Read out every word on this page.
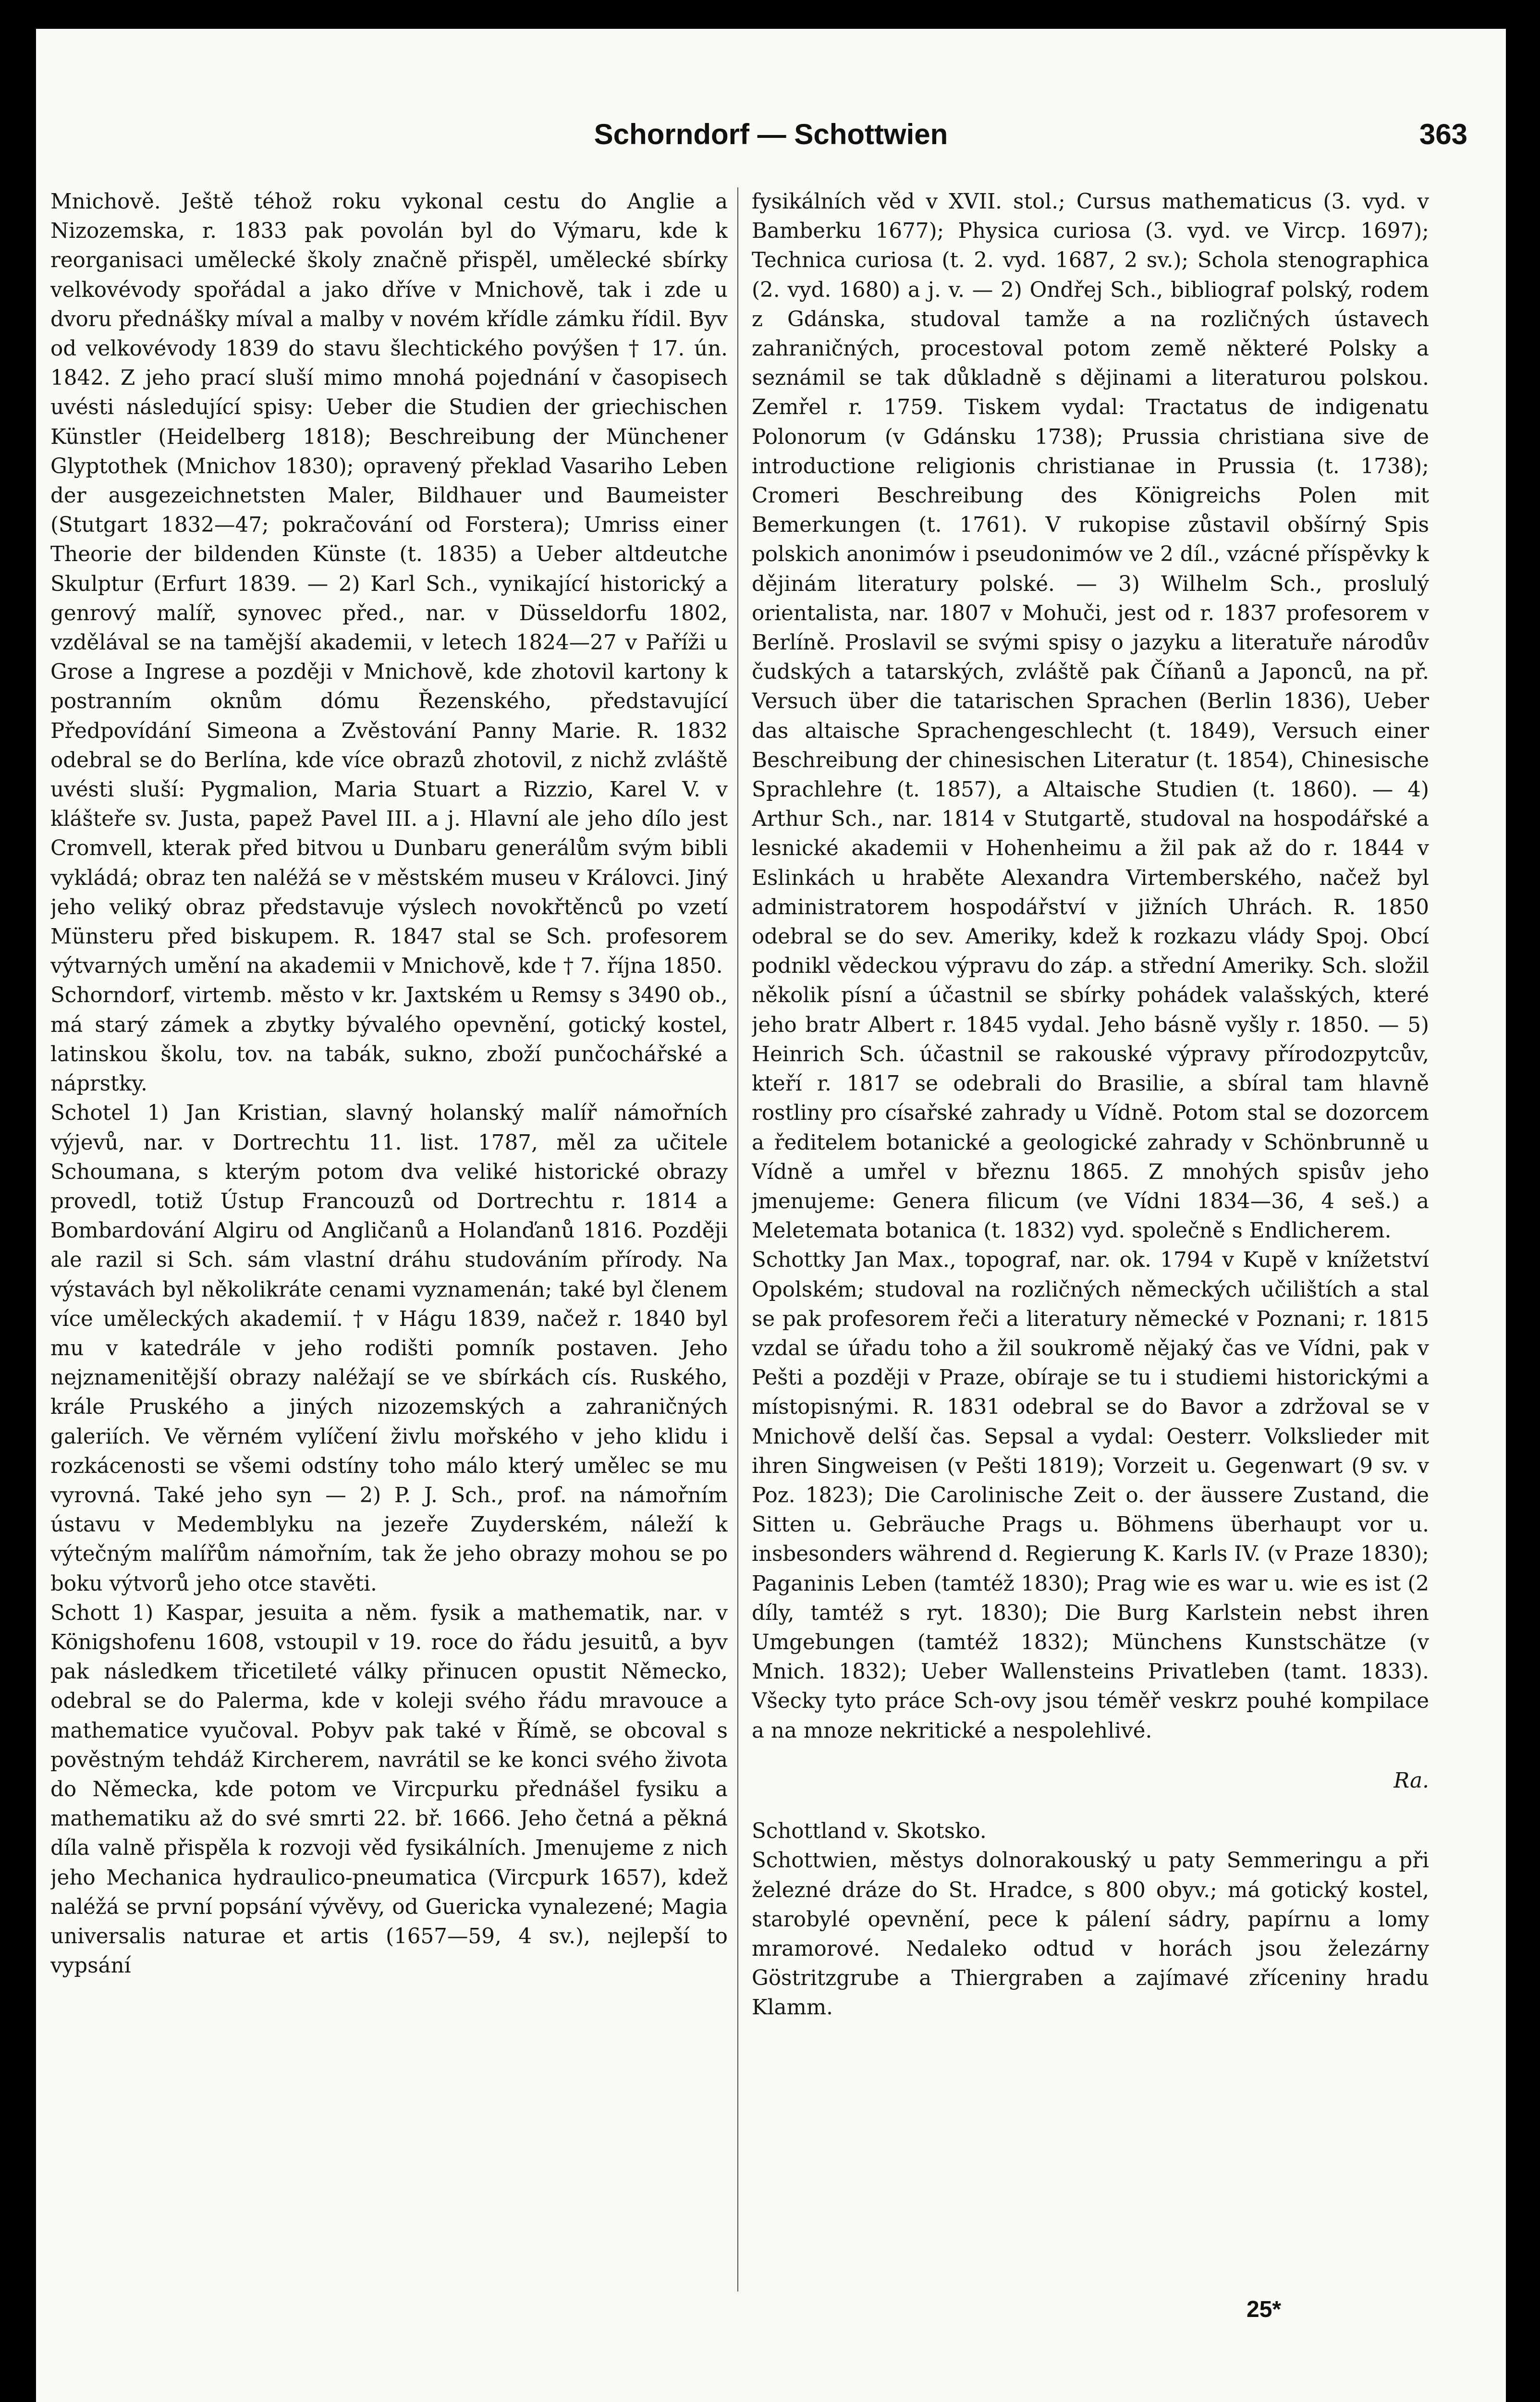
Schorndorf — Schottwien	363

Mnichově. Ještě téhož roku vykonal cestu do Anglie a Nizozemska, r. 1833 pak povolán byl do Výmaru, kde k reorganisaci umělecké školy značně přispěl, umělecké sbírky velkovévody spořádal a jako dříve v Mnichově, tak i zde u dvoru přednášky míval a malby v novém křídle zámku řídil. Byv od velkovévody 1839 do stavu šlechtického povýšen † 17. ún. 1842. Z jeho prací sluší mimo mnohá pojednání v časopisech uvésti následující spisy: Ueber die Studien der griechischen Künstler (Heidelberg 1818); Beschreibung der Münchener Glyptothek (Mnichov 1830); opravený překlad Vasariho Leben der ausgezeichnetsten Maler, Bildhauer und Baumeister (Stutgart 1832—47; pokračování od Forstera); Umriss einer Theorie der bildenden Künste (t. 1835) a Ueber altdeutche Skulptur (Erfurt 1839. — 2) Karl Sch., vynikající historický a genrový malíř, synovec před., nar. v Düsseldorfu 1802, vzdělával se na tamější akademii, v letech 1824—27 v Paříži u Grose a Ingrese a později v Mnichově, kde zhotovil kartony k postranním oknům dómu Řezenského, představující Předpovídání Simeona a Zvěstování Panny Marie. R. 1832 odebral se do Berlína, kde více obrazů zhotovil, z nichž zvláště uvésti sluší: Pygmalion, Maria Stuart a Rizzio, Karel V. v klášteře sv. Justa, papež Pavel III. a j. Hlavní ale jeho dílo jest Cromvell, kterak před bitvou u Dunbaru generálům svým bibli vykládá; obraz ten naléžá se v městském museu v Královci. Jiný jeho veliký obraz představuje výslech novokřtěnců po vzetí Münsteru před biskupem. R. 1847 stal se Sch. profesorem výtvarných umění na akademii v Mnichově, kde † 7. října 1850.

Schorndorf, virtemb. město v kr. Jaxtském u Remsy s 3490 ob., má starý zámek a zbytky bývalého opevnění, gotický kostel, latinskou školu, tov. na tabák, sukno, zboží punčochářské a náprstky.

Schotel 1) Jan Kristian, slavný holanský malíř námořních výjevů, nar. v Dortrechtu 11. list. 1787, měl za učitele Schoumana, s kterým potom dva veliké historické obrazy provedl, totiž Ústup Francouzů od Dortrechtu r. 1814 a Bombardování Algiru od Angličanů a Holanďanů 1816. Později ale razil si Sch. sám vlastní dráhu studováním přírody. Na výstavách byl několikráte cenami vyznamenán; také byl členem více uměleckých akademií. † v Hágu 1839, načež r. 1840 byl mu v katedrále v jeho rodišti pomník postaven. Jeho nejznamenitější obrazy naléžají se ve sbírkách cís. Ruského, krále Pruského a jiných nizozemských a zahraničných galeriích. Ve věrném vylíčení živlu mořského v jeho klidu i rozkácenosti se všemi odstíny toho málo který umělec se mu vyrovná. Také jeho syn — 2) P. J. Sch., prof. na námořním ústavu v Medemblyku na jezeře Zuyderském, náleží k výtečným malířům námořním, tak že jeho obrazy mohou se po boku výtvorů jeho otce stavěti.

Schott 1) Kaspar, jesuita a něm. fysik a mathematik, nar. v Königshofenu 1608, vstoupil v 19. roce do řádu jesuitů, a byv pak následkem třicetileté války přinucen opustit Německo, odebral se do Palerma, kde v koleji svého řádu mravouce a mathematice vyučoval. Pobyv pak také v Římě, se obcoval s pověstným tehdáž Kircherem, navrátil se ke konci svého života do Německa, kde potom ve Vircpurku přednášel fysiku a mathematiku až do své smrti 22. bř. 1666. Jeho četná a pěkná díla valně přispěla k rozvoji věd fysikálních. Jmenujeme z nich jeho Mechanica hydraulico-pneumatica (Vircpurk 1657), kdež naléžá se první popsání vývěvy, od Guericka vynalezené; Magia universalis naturae et artis (1657—59, 4 sv.), nejlepší to vypsání

fysikálních věd v XVII. stol.; Cursus mathematicus (3. vyd. v Bamberku 1677); Physica curiosa (3. vyd. ve Vircp. 1697); Technica curiosa (t. 2. vyd. 1687, 2 sv.); Schola stenographica (2. vyd. 1680) a j. v. — 2) Ondřej Sch., bibliograf polský, rodem z Gdánska, studoval tamže a na rozličných ústavech zahraničných, procestoval potom země některé Polsky a seznámil se tak důkladně s dějinami a literaturou polskou. Zemřel r. 1759. Tiskem vydal: Tractatus de indigenatu Polonorum (v Gdánsku 1738); Prussia christiana sive de introductione religionis christianae in Prussia (t. 1738); Cromeri Beschreibung des Königreichs Polen mit Bemerkungen (t. 1761). V rukopise zůstavil obšírný Spis polskich anonimów i pseudonimów ve 2 díl., vzácné příspěvky k dějinám literatury polské. — 3) Wilhelm Sch., proslulý orientalista, nar. 1807 v Mohuči, jest od r. 1837 profesorem v Berlíně. Proslavil se svými spisy o jazyku a literatuře národův čudských a tatarských, zvláště pak Číňanů a Japonců, na př. Versuch über die tatarischen Sprachen (Berlin 1836), Ueber das altaische Sprachengeschlecht (t. 1849), Versuch einer Beschreibung der chinesischen Literatur (t. 1854), Chinesische Sprachlehre (t. 1857), a Altaische Studien (t. 1860). — 4) Arthur Sch., nar. 1814 v Stutgartě, studoval na hospodářské a lesnické akademii v Hohenheimu a žil pak až do r. 1844 v Eslinkách u hraběte Alexandra Virtemberského, načež byl administratorem hospodářství v jižních Uhrách. R. 1850 odebral se do sev. Ameriky, kdež k rozkazu vlády Spoj. Obcí podnikl vědeckou výpravu do záp. a střední Ameriky. Sch. složil několik písní a účastnil se sbírky pohádek valašských, které jeho bratr Albert r. 1845 vydal. Jeho básně vyšly r. 1850. — 5) Heinrich Sch. účastnil se rakouské výpravy přírodozpytcův, kteří r. 1817 se odebrali do Brasilie, a sbíral tam hlavně rostliny pro císařské zahrady u Vídně. Potom stal se dozorcem a ředitelem botanické a geologické zahrady v Schönbrunně u Vídně a umřel v březnu 1865. Z mnohých spisův jeho jmenujeme: Genera filicum (ve Vídni 1834—36, 4 seš.) a Meletemata botanica (t. 1832) vyd. společně s Endlicherem.

Schottky Jan Max., topograf, nar. ok. 1794 v Kupě v knížetství Opolském; studoval na rozličných německých učilištích a stal se pak profesorem řeči a literatury německé v Poznani; r. 1815 vzdal se úřadu toho a žil soukromě nějaký čas ve Vídni, pak v Pešti a později v Praze, obíraje se tu i studiemi historickými a místopisnými. R. 1831 odebral se do Bavor a zdržoval se v Mnichově delší čas. Sepsal a vydal: Oesterr. Volkslieder mit ihren Singweisen (v Pešti 1819); Vorzeit u. Gegenwart (9 sv. v Poz. 1823); Die Carolinische Zeit o. der äussere Zustand, die Sitten u. Gebräuche Prags u. Böhmens überhaupt vor u. insbesonders während d. Regierung K. Karls IV. (v Praze 1830); Paganinis Leben (tamtéž 1830); Prag wie es war u. wie es ist (2 díly, tamtéž s ryt. 1830); Die Burg Karlstein nebst ihren Umgebungen (tamtéž 1832); Münchens Kunstschätze (v Mnich. 1832); Ueber Wallensteins Privatleben (tamt. 1833). Všecky tyto práce Sch-ovy jsou téměř veskrz pouhé kompilace a na mnoze nekritické a nespolehlivé.

Ra.

Schottland v. Skotsko.

Schottwien, městys dolnorakouský u paty Semmeringu a při železné dráze do St. Hradce, s 800 obyv.; má gotický kostel, starobylé opevnění, pece k pálení sádry, papírnu a lomy mramorové. Nedaleko odtud v horách jsou železárny Göstritzgrube a Thiergraben a zajímavé zříceniny hradu Klamm.

25*
